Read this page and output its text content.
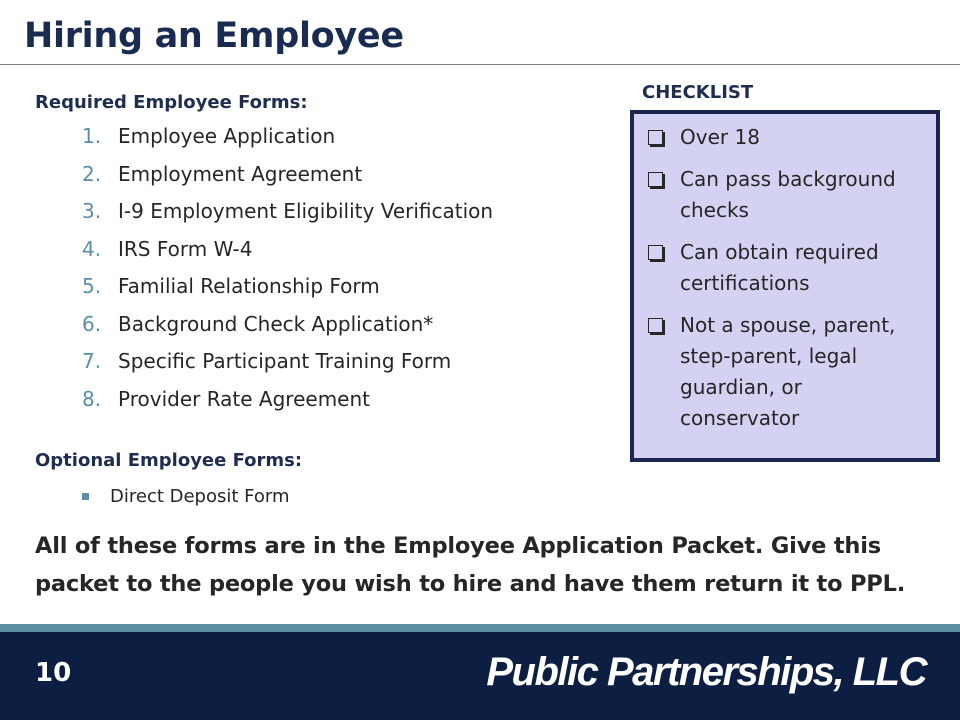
Hiring an Employee
Required Employee Forms:
1. Employee Application
2. Employment Agreement
3. I-9 Employment Eligibility Verification
4. IRS Form W-4
5. Familial Relationship Form
6. Background Check Application*
7. Specific Participant Training Form
8. Provider Rate Agreement
Optional Employee Forms:
Direct Deposit Form
CHECKLIST
Over 18
Can pass background checks
Can obtain required certifications
Not a spouse, parent, step-parent, legal guardian, or conservator
All of these forms are in the Employee Application Packet. Give this packet to the people you wish to hire and have them return it to PPL.
10	Public Partnerships, LLC
